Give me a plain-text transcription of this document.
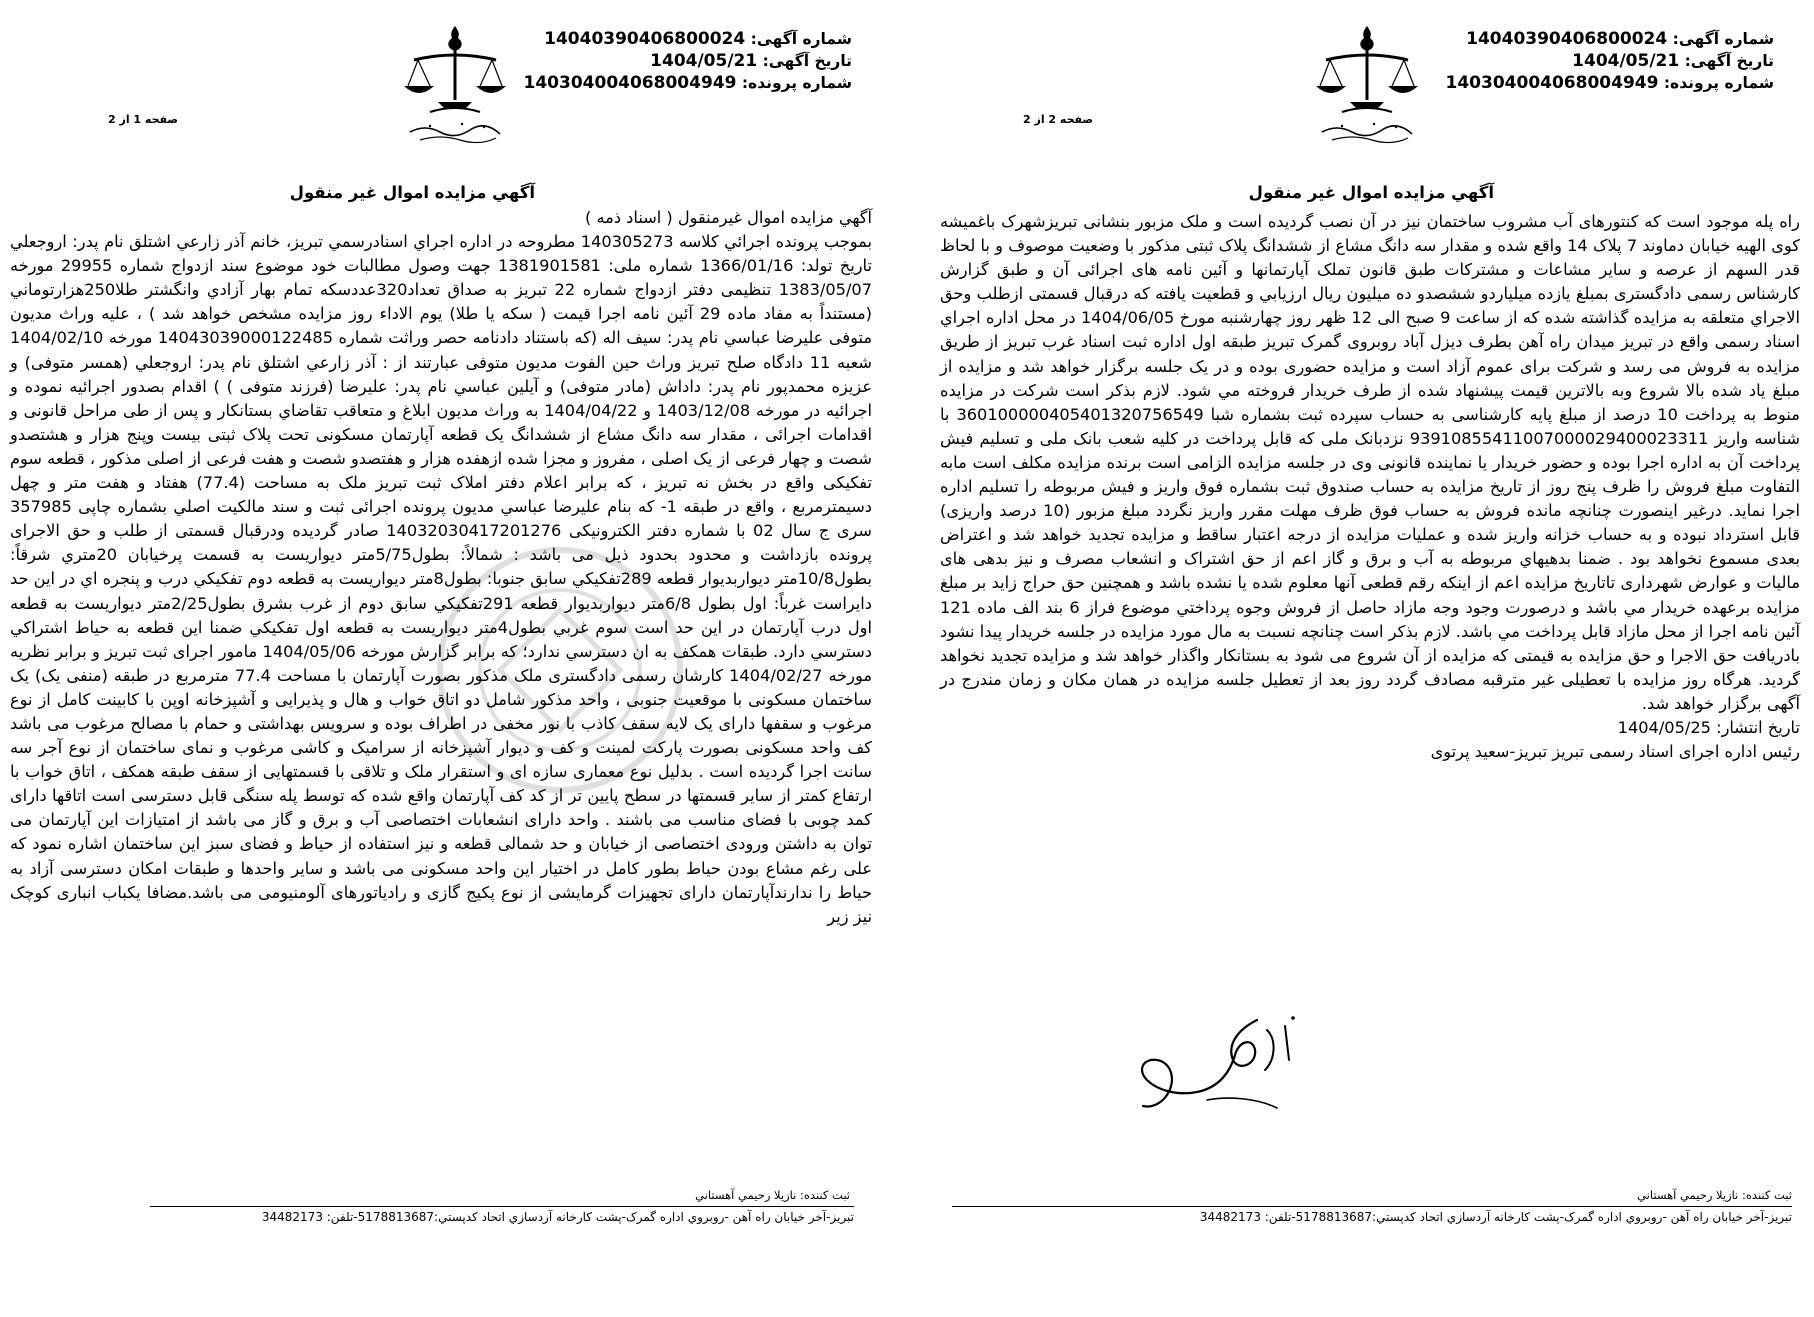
شماره آگهی: 14040390406800024
تاریخ آگهی: 1404/05/21
شماره پرونده: 140304004068004949
صفحه 1 از 2
آگهي مزايده اموال غير منقول

آگهي مزايده اموال غيرمنقول ( اسناد ذمه )

بموجب پرونده اجرائي كلاسه 140305273 مطروحه در اداره اجراي اسنادرسمي تبريز، خانم آذر زارعي اشتلق نام پدر: اروجعلي تاريخ تولد: 1366/01/16 شماره ملی: 1381901581 جهت وصول مطالبات خود موضوع سند ازدواج شماره 29955 مورخه 1383/05/07 تنظيمی دفتر ازدواج شماره 22 تبريز به صداق تعداد320عددسكه تمام بهار آزادي وانگشتر طلا250هزارتوماني (مستنداً به مفاد ماده 29 آئين نامه اجرا قيمت ( سكه يا طلا) يوم الاداء روز مزايده مشخص خواهد شد ) ، عليه وراث مديون متوفی عليرضا عباسي نام پدر: سيف اله (كه باستناد دادنامه حصر وراثت شماره 14043039000122485 مورخه 1404/02/10 شعبه 11 دادگاه صلح تبريز وراث حين الفوت مديون متوفی عبارتند از : آذر زارعي اشتلق نام پدر: اروجعلي (همسر متوفی) و عزيزه محمدپور نام پدر: داداش (مادر متوفی) و آيلين عباسي نام پدر: عليرضا (فرزند متوفی ) ) اقدام بصدور اجرائيه نموده و اجرائيه در مورخه 1403/12/08 و 1404/04/22 به وراث مديون ابلاغ و متعاقب تقاضاي بستانكار و پس از طی مراحل قانونی و اقدامات اجرائی ، مقدار سه دانگ مشاع از ششدانگ يک قطعه آپارتمان مسكونی تحت پلاک ثبتی بيست وپنج هزار و هشتصدو شصت و چهار فرعی از يک اصلی ، مفروز و مجزا شده ازهفده هزار و هفتصدو شصت و هفت فرعی از اصلی مذكور ، قطعه سوم تفكيكی واقع در بخش نه تبريز ، كه برابر اعلام دفتر املاک ثبت تبريز ملک به مساحت (77.4) هفتاد و هفت متر و چهل دسيمترمربع ، واقع در طبقه 1- كه بنام عليرضا عباسي مديون پرونده اجرائی ثبت و سند مالكيت اصلي بشماره چاپی 357985 سری ج سال 02 با شماره دفتر الكترونيكی 14032030417201276 صادر گرديده ودرقبال قسمتی از طلب و حق الاجرای پرونده بازداشت و محدود بحدود ذيل می باشد : شمالاً: بطول5/75متر ديواريست به قسمت پرخيابان 20متري شرقاً: بطول10/8متر ديواربديوار قطعه 289تفكيكي سابق جنوبا: بطول8متر ديواريست به قطعه دوم تفكيكي درب و پنجره اي در اين حد دايراست غرباً: اول بطول 6/8متر ديواربديوار قطعه 291تفكيكي سابق دوم از غرب بشرق بطول2/25متر ديواريست به قطعه اول درب آپارتمان در اين حد است سوم غربي بطول4متر ديواريست به قطعه اول تفكيكي ضمنا اين قطعه به حياط اشتراكي دسترسي دارد. طبقات همكف به ان دسترسي ندارد؛ كه برابر گزارش مورخه 1404/05/06 مامور اجرای ثبت تبريز و برابر نظريه مورخه 1404/02/27 كارشان رسمی دادگستری ملک مذكور بصورت آپارتمان با مساحت 77.4 مترمربع در طبقه (منفی يک) يک ساختمان مسكونی با موقعيت جنوبی ، واحد مذكور شامل دو اتاق خواب و هال و پذيرايی و آشپزخانه اوپن با كابينت كامل از نوع مرغوب و سقفها دارای يک لايه سقف كاذب با نور مخفی در اطراف بوده و سرويس بهداشتی و حمام با مصالح مرغوب می باشد كف واحد مسكونی بصورت پاركت لمينت و كف و ديوار آشپزخانه از سراميک و كاشی مرغوب و نمای ساختمان از نوع آجر سه سانت اجرا گرديده است . بدليل نوع معماری سازه ای و استقرار ملک و تلاقی با قسمتهايی از سقف طبقه همكف ، اتاق خواب با ارتفاع كمتر از ساير قسمتها در سطح پايين تر از كد كف آپارتمان واقع شده كه توسط پله سنگی قابل دسترسی است اتاقها دارای كمد چوبی با فضای مناسب می باشند . واحد دارای انشعابات اختصاصی آب و برق و گاز می باشد از امتيازات اين آپارتمان می توان به داشتن ورودی اختصاصی از خيابان و حد شمالی قطعه و نيز استفاده از حياط و فضای سبز اين ساختمان اشاره نمود كه علی رغم مشاع بودن حياط بطور كامل در اختيار اين واحد مسكونی می باشد و ساير واحدها و طبقات امكان دسترسی آزاد به حياط را ندارندآپارتمان دارای تجهيزات گرمايشی از نوع پكيج گازی و رادياتورهای آلومنيومی می باشد.مضافا يكباب انباری كوچک نيز زير

ثبت كننده: نازيلا رحيمي آهستاني
تبريز-آخر خيابان راه آهن -روبروي اداره گمرک-پشت كارخانه آردسازي اتحاد كدپستي:5178813687-تلفن: 34482173
شماره آگهی: 14040390406800024
تاریخ آگهی: 1404/05/21
شماره پرونده: 140304004068004949
صفحه 2 از 2
آگهي مزايده اموال غير منقول

راه پله موجود است كه كنتورهای آب مشروب ساختمان نيز در آن نصب گرديده است و ملک مزبور بنشانی تبريزشهرک باغميشه كوی الهيه خيابان دماوند 7 پلاک 14 واقع شده و مقدار سه دانگ مشاع از ششدانگ پلاک ثبتی مذكور با وضعيت موصوف و با لحاظ قدر السهم از عرصه و ساير مشاعات و مشتركات طبق قانون تملک آپارتمانها و آئين نامه های اجرائی آن و طبق گزارش كارشناس رسمی دادگستری بمبلغ يازده ميلياردو ششصدو ده ميليون ريال ارزيابي و قطعيت يافته كه درقبال قسمتی ازطلب وحق الاجراي متعلقه به مزايده گذاشته شده كه از ساعت 9 صبح الی 12 ظهر روز چهارشنبه مورخ 1404/06/05 در محل اداره اجراي اسناد رسمی واقع در تبريز ميدان راه آهن بطرف ديزل آباد روبروی گمرک تبريز طبقه اول اداره ثبت اسناد غرب تبريز از طريق مزايده به فروش می رسد و شركت برای عموم آزاد است و مزايده حضوری بوده و در يک جلسه برگزار خواهد شد و مزايده از مبلغ ياد شده بالا شروع وبه بالاترين قيمت پيشنهاد شده از طرف خريدار فروخته مي شود. لازم بذكر است شركت در مزايده منوط به پرداخت 10 درصد از مبلغ پايه كارشناسی به حساب سپرده ثبت بشماره شبا 360100000405401320756549 با شناسه واريز 93910855411007000029400023311 نزدبانک ملی كه قابل پرداخت در كليه شعب بانک ملی و تسليم فيش پرداخت آن به اداره اجرا بوده و حضور خريدار يا نماينده قانونی وی در جلسه مزايده الزامی است برنده مزايده مكلف است مابه التفاوت مبلغ فروش را ظرف پنج روز از تاريخ مزايده به حساب صندوق ثبت بشماره فوق واريز و فيش مربوطه را تسليم اداره اجرا نمايد. درغير اينصورت چنانچه مانده فروش به حساب فوق ظرف مهلت مقرر واريز نگردد مبلغ مزبور (10 درصد واريزی) قابل استرداد نبوده و به حساب خزانه واريز شده و عمليات مزايده از درجه اعتبار ساقط و مزايده تجديد خواهد شد و اعتراض بعدی مسموع نخواهد بود . ضمنا بدهيهاي مربوطه به آب و برق و گاز اعم از حق اشتراک و انشعاب مصرف و نيز بدهی های ماليات و عوارض شهرداری تاتاريخ مزايده اعم از اينكه رقم قطعی آنها معلوم شده يا نشده باشد و همچنين حق حراج زايد بر مبلغ مزايده برعهده خريدار مي باشد و درصورت وجود وجه مازاد حاصل از فروش وجوه پرداختي موضوع فراز 6 بند الف ماده 121 آئين نامه اجرا از محل مازاد قابل پرداخت مي باشد. لازم بذكر است چنانچه نسبت به مال مورد مزايده در جلسه خريدار پيدا نشود بادريافت حق الاجرا و حق مزايده به قيمتی كه مزايده از آن شروع می شود به بستانكار واگذار خواهد شد و مزايده تجديد نخواهد گرديد. هرگاه روز مزايده با تعطيلی غير مترقبه مصادف گردد روز بعد از تعطيل جلسه مزايده در همان مكان و زمان مندرج در آگهی برگزار خواهد شد.

تاريخ انتشار: 1404/05/25

رئيس اداره اجرای اسناد رسمی تبريز تبريز-سعيد پرتوی

ثبت كننده: نازيلا رحيمي آهستاني
تبريز-آخر خيابان راه آهن -روبروي اداره گمرک-پشت كارخانه آردسازي اتحاد كدپستي:5178813687-تلفن: 34482173
